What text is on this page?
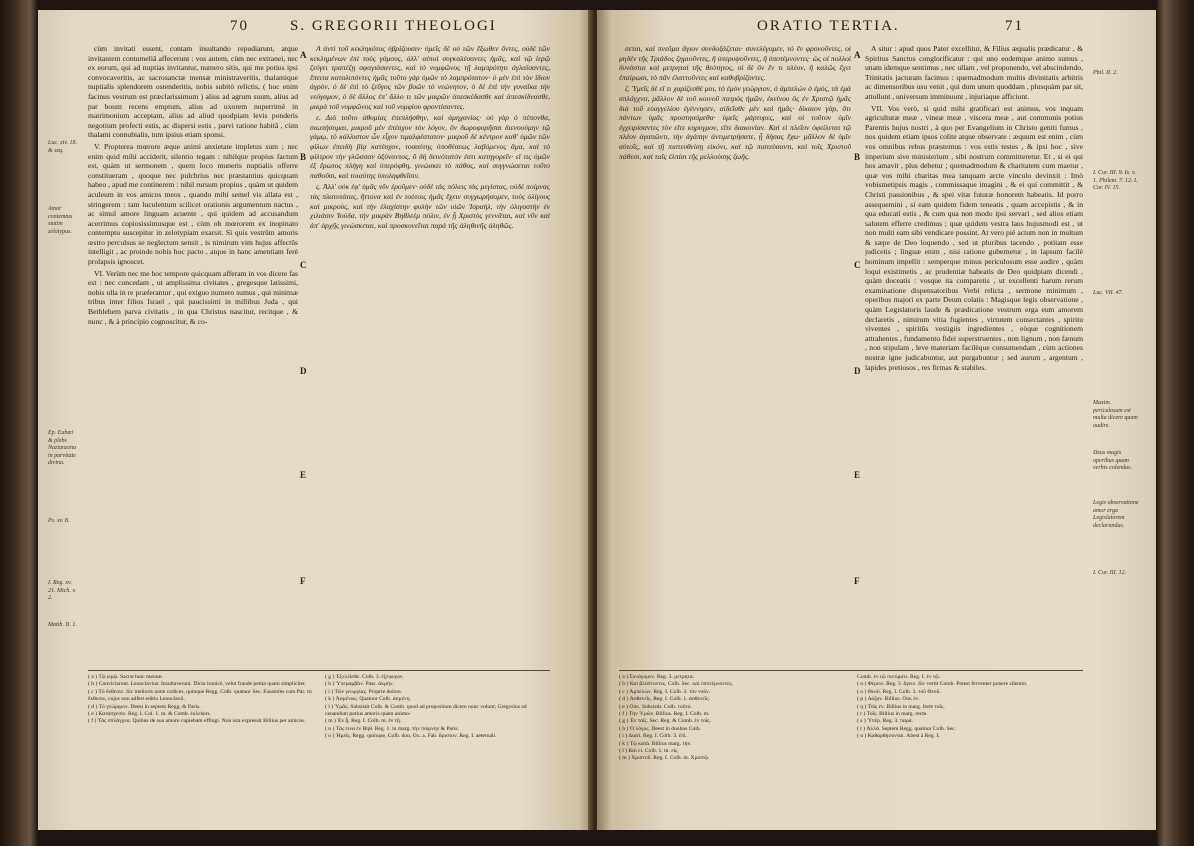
70	S. GREGORII THEOLOGI

cùm invitati essent, contam insultando repudiarunt, atque invitantem contumeliâ affecerunt : vos autem, cùm nec extranei, nec ex eorum, qui ad nuptias invitantur, numero sitis, qui me potius ipsi convocaveritis, ac sacrosanctæ mensæ ministraveritis, thalamique nuptialis splendorem ostenderitis, nobis subitò relictis, ( hoc enim facinus vestrum est præclarissimum ) alius ad agrum suum, alius ad par boum recens emptum, alius ad uxorem nuperrimè in matrimonium acceptam, alius ad aliud quodpiam levis ponderis negotium profecti estis, ac dispersi estis , parvi ratione habitâ , cùm thalami connubialis, tum ipsius etiam sponsi.

V. Propterea mœrore æque animi anxietate impletus sum ; nec enim quid mihi acciderit, silentio tegam : nihilque propius factum est, quàm ut sermonem , quem loco muneris nuptialis offerre constitueram , quoque nec pulchrius nec præstantius quicquam habeo , apud me continerem : nihil rursum propius , quàm ut quidem aculeum in vos amicos meos , quando mihi semel vis allata est , stringerem : tam luculentum scilicet orationis argumentum nactus , ac simul amore linguam acuente , qui quidem ad accusandum acerrimus copiosissimusque est , cùm ob mœrorem ex inopinato contemptu suscepitur in zelotypiam exarsit. Si quis vestrûm amoris œstro perculsus se neglectum sensit , is nimirum vim hujus affectûs intelligit , ac proinde nobis hoc pacto , atque in hanc amentiam ferè prolapsis ignoscet.

VI. Verùm nec me hoc tempore quicquam afferam in vos dicere fas est : nec concedam , ut amplissima civitates , gregesque latissimi, nobis ulla in re præferantur , qui exiguo numero sumus , qui minimæ tribus inter filios Israel , qui paucissimi in millibus Juda , qui Bethlehem parva civitatis , in qua Christus nascitur, recitque , & nunc , & à principio cognoscitur, & co-

A ἀντὶ τοῦ κεκληκότος ὑβρίζουσιν· ὑμεῖς δὲ οὐ τῶν ἔξωθεν ὄντες, οὐδὲ τῶν κεκλημένων ἐπὶ τοὺς γάμους, ἀλλ' αὐτοὶ συγκαλέσαντες ἡμᾶς, καὶ τῷ ἱερῷ ζεύγει τραπέζῃ σφαγιάσαντες, καὶ τὸ νυμφῶνος τῇ λαμπρότητι ἀγλαΐσαντες, ἔπειτα καταλιπόντες ἡμᾶς τοῦτο γὰρ ὑμῶν τὸ λαμπρότατον· ὁ μὲν ἐπὶ τὸν ἴδιον ἀγρὸν, ὁ δὲ ἐπὶ τὸ ζεῦγος τῶν βοῶν τὸ νεώνητον, ὁ δὲ ἐπὶ τὴν γυναῖκα τὴν νεόγαμον, ὁ δὲ ἄλλος ἐπ' ἄλλο τι τῶν μικρῶν ἀπεσκέδασθε καὶ ἀπεσκίδνασθε, μικρὰ τοῦ νυμφῶνος καὶ τοῦ νυμφίου φροντίσαντες.

ε. Διὰ τοῦτο ἀθυμίας ἐπεπλήσθην, καὶ ἀμηχανίας· οὐ γὰρ ὁ πέπονθα, σιωπήσομαι, μικροῦ μὲν ἐπέσχον τὸν λόγον, ὃν δωροφορῆσαι διενοούμην τῷ γάμῳ, τὸ κάλλιστον ὧν εἶχον τιμαλφέστατον· μικροῦ δὲ κέντρον καθ' ὑμῶν τῶν φίλων ἐπειδὴ βίᾳ κατέσχον, τοσαύτης ὑποθέσεως λαβόμενος ἅμα, καὶ τὸ φίλτρον τὴν γλῶσσαν ὀξύναντος, ὃ δὴ δεινότατόν ἐστι κατηγορεῖν· εἴ τις ὑμῶν ἐξ ἔρωτος πλήγη καὶ ὑπερόφθη, γινώσκει τὸ πάθος, καὶ συγγνώσεται τοῦτο παθοῦσι, καὶ τοιαύτης ὑποληφθεῖσιν.

ς. Ἀλλ' οὐκ ἐφ' ὑμᾶς νῦν ἐροῦμεν· οὐδὲ τὰς πόλεις τὰς μεγίστας, οὐδὲ ποίμνας τὰς πλατυτάτας, ἥττονα καὶ ἐν τούτοις ἡμᾶς ἔχειν συγχωρήσομεν, τοὺς ὀλίγους καὶ μικροὺς, καὶ τὴν ἐλαχίστην φυλὴν τῶν υἱῶν Ἰσραὴλ, τὴν ὀλιγοστὴν ἐν χιλιάσιν Ἰούδα, τὴν μικρὰν Βηθλεὲμ πόλιν, ἐν ᾗ Χριστὸς γεννᾶται, καὶ νῦν καὶ ἀπ' ἀρχῆς γινώσκεται, καὶ προσκυνεῖται παρὰ τῆς ἀληθινῆς ἀληθῶς.

Luc. xiv. 18. & seq.
Amor contemtus statim zelotypus.
Ep. Eubæi & plebs Nazianzena in parvitate divina.
Ps. xv. 8.
I. Reg. xv. 21. Mich. v. 2.
Matth. II. 1.
A
B
C
D
E
F
( a ) Τῷ ἱερῷ. Sacræ huic mensæ.
( b ) Conviciarunt. Leonclavius: Insultaverunt. Dicta ironicè, velut fraude petita quam simpliciter.
( c ) Τὸ ἔκθεσιν. Sic melioris notæ codices, quinque Regg. Colb. quatuor Sec. Faustoles cum Par. τὸ ἔκθεσιν, cujus non adfert editio Leonclavii.
( d ) Τὸ γνώριμον. Deest in septem Regg. & Paris.
( e ) Κατάσχεσιν. Reg. I. Col. 1. m. & Comb. ἐκλείψει.
( f ) Τὰς σπλάγχνα. Quibus de sua amore cupiebam effingi. Non ista expressit Billius per amicos.
( g ) Ἐξελεῖσθε. Colb. 3. ἐξέφυγον.
( h ) Ὑπεραμβὰν. Pass. ἀκμὴν.
( i ) Τῶν γεωργίας. Proprie dolore.
( k ) Ἀσμένως. Quatuor Colb. ἀσμένη.
( l ) Ὑμᾶς. Subsistit Colb. & Comb. quod ad propositum dicere nunc volunt; Gregorius ad cenandum potius amoris quam animo-
( m ) Ἐν ᾗ. Reg. I. Colb. m. ἐν τῇ.
( n ) Τὰς τινα ἐν Βηθ. Reg. 1. in marg. τὴν ποίμνην & Paris.
( o ) Ἡμεῖς. Regg. quinque, Colb. duo, Ox. a. Fab. ἄριστον. Reg. I. aeternali.
ORATIO TERTIA.	71

σεται, καὶ πνεῦμα ἄγιον συνδοξάζεται· συνελέγομεν, τὸ ἓν φρονοῦντες, οἱ μηδὲν τῆς Τριάδος ζημιοῦντες, ἢ ὑπερυψοῦντες, ἢ ὑποτέμνοντες· ὡς οἱ πολλοὶ δυνάσται καὶ μετρηταὶ τῆς θεότητος, οἱ δὲ ὃν ἕν τι πλέον, ἢ καλῶς ἔχει ἐπαίρωσι, τὸ πᾶν ἐλαττοῦντες καὶ καθυβρίζοντες.

ζ. Ὑμεῖς δὲ εἴ τι χαρίζεσθέ μοι, τὸ ἐμὸν γεώργιον, ὁ ἀμπελὼν ὁ ἐμὸς, τὰ ἐμὰ σπλάγχνα, μᾶλλον δὲ τοῦ κοινοῦ πατρὸς ἡμῶν, ἐκείνου ὃς ἐν Χριστῷ ἡμᾶς διὰ τοῦ εὐαγγελίου ἐγέννησεν, αἰδεῖσθε μὲν καὶ ἡμᾶς· δίκαιον γάρ, ὃτι πάντων ὑμᾶς προστησόμεθα· ὑμεῖς μάρτυρες, καὶ οἱ τοῦτον ὑμῖν ἐγχειρίσαντες τὸν εἴτε κηρυγμον, εἴτε διακονίαν. Καὶ εἰ πλεῖον ὀφείλεται τῷ πλέον ἀγαπῶντι, τὴν ἀγάπην ἀντιμετρήσατε, ᾗ δήσας ἔχω· μᾶλλον δὲ ὑμῖν αὐτοῖς, καὶ τῇ πιστευθείσῃ εἰκόνι, καὶ τῷ πιστεύσαντι, καὶ τοῖς Χριστοῦ πάθεσι, καὶ ταῖς ἐλπίσι τῆς μελλούσης ζωῆς.

A situr : apud quos Pater excellitur, & Filius æqualis prædicatur , & Spiritus Sanctus conglorificatur : qui uno eodemque animo sumus , unam idemque sentimus , nec ullam , vel proponendo, vel abscindendo, Trinitatis jacturam facimus : quemadmodum multis divinitatis arbitris ac dimensoribus usu venit , qui dum unum quoddam , plusquàm par sit, attollunt , universum imminuunt , injuriaque afficiunt.

VII. Vos verò, si quid mihi gratificari est animus, vos inquam agriculturæ meæ , vineæ meæ , viscera meæ , aut communis potius Parentis hujus nostri , à quo per Evangelium in Christo geniti fumus , nos quidem etiam ipsos colite atque observate : æquum est enim , cùm vos omnibus rebus præstemus : vos estis testes , & ipsi hoc , sive imperium sive ministerium , sibi nostrum committeretur. Et , si ei qui hos amavit , plus debetur ; quemadmodum & charitatem cum maetur , quæ vos mihi charitas mea tanquam arcte vinculo devinxit : Imò vobismetipsis magis , commissaque imagini , & ei qui committit , & Christi passionibus , & spei vitæ futuræ honorem habeatis. Id porro assequemini , si eam quidem fidem teneatis , quam accepistis , & in qua educati estis , & cum qua non modo ipsi servari , sed alios etiam salutem efferre credimus ; quæ quidem vestra laus hujusmodi est , ut non multi eam sibi vendicare possint. At vero piè actum non in multum & sæpe de Deo loquendo , sed ut pluribus tacendo , potitam esse judicetis ; linguæ enim , nisi ratione gubernetur , in lapsum facilè hominum impellit : semperque minus periculosum esse audire , quàm loqui existimetis , ac prudentiæ habeatis de Deo quidpiam dicendi , quàm doceatis : vosque ita comparetis , ut excellenti harum rerum examinatione dispensatoribus Verbi relicta , sermone minimum , operibus majori ex parte Deum colatis : Magisque legis observatione , quàm Legislatoris laude & prædicatione vestrum erga eum amorem declaretis , nimirum vitia fugientes , virtutem consectantes , spiritu viventes , spiritûs vestigiis ingredientes , eòque cognitionem attrahentes , fundamento fidei superstruentes , non lignum , non fænum , non stipulam , leve materiam facilèque consumendam , cùm actiones nostræ igne judicabuntur, aut purgabuntur ; sed aurum , argentum , lapides pretiosos , res firmas & stabiles.

A
B
C
D
E
F
Phil. II. 2.
I. Cor. III. 9. Is. v. 1. Philem. 7. 12. I. Cor. IV. 15.
Luc. VII. 47.
Maxim. periculosum est multa dicere quam audire.
Deus magis operibus quam verbis colendus.
Legis observatione amor erga Legislatorem declarandus.
I. Cor. III. 12.
( a ) Συνάγομεν. Reg. 3. μετρητα.
( b ) Καὶ βλάπτοντες. Colb. Sec. καὶ ὑποτέμνοντες.
( c ) Ἀμπελών. Reg. I. Colb. 3. τὸν νοῦν.
( d ) Ἀσθενεῖς. Reg. I. Colb. 1. ἀσθενεῖς.
( e ) Οὐκ. Subsistit. Colb. τοῦτο.
( f ) Τὴν Ὑμῶν. Billius. Reg. I. Colb. m.
( g ) Ἐν ταῖς. Sec. Reg. & Comb. ἐν τοῖς.
( h ) Ὁ λόγος. Deest in duobus Colb.
( i ) Διατὶ. Reg. I. Colb. 3. ἐπὶ.
( k ) Τῷ κατὰ. Billius marg. τὴν.
( l ) Καὶ εἰ. Colb. 1. m. εἰς.
( m ) Χριστοῦ. Reg. I. Colb. m. Χριστῷ.
Comb. ἐν τῷ πνεύματι. Reg. I. ἐν τῷ.
( n ) Φέρειν. Reg. 3. ἄγειν. Sic vertit Comb. Potest ferventer ponere silentio.
( o ) Θεοῦ. Reg. I. Colb. 3. τοῦ Θεοῦ.
( p ) Δόξαν. Billius. Οὐκ ἐν.
( q ) Τοῖς ἐν. Billius in marg. forte τοῖς.
( r ) Τοῖς. Billius in marg. recte.
( s ) Ὑπὲρ. Reg. 3. παρά.
( t ) Ἀλλά. Septem Regg. quatuor Colb. Sec.
( u ) Καθαρθήσονται. Abest à Reg. I.
